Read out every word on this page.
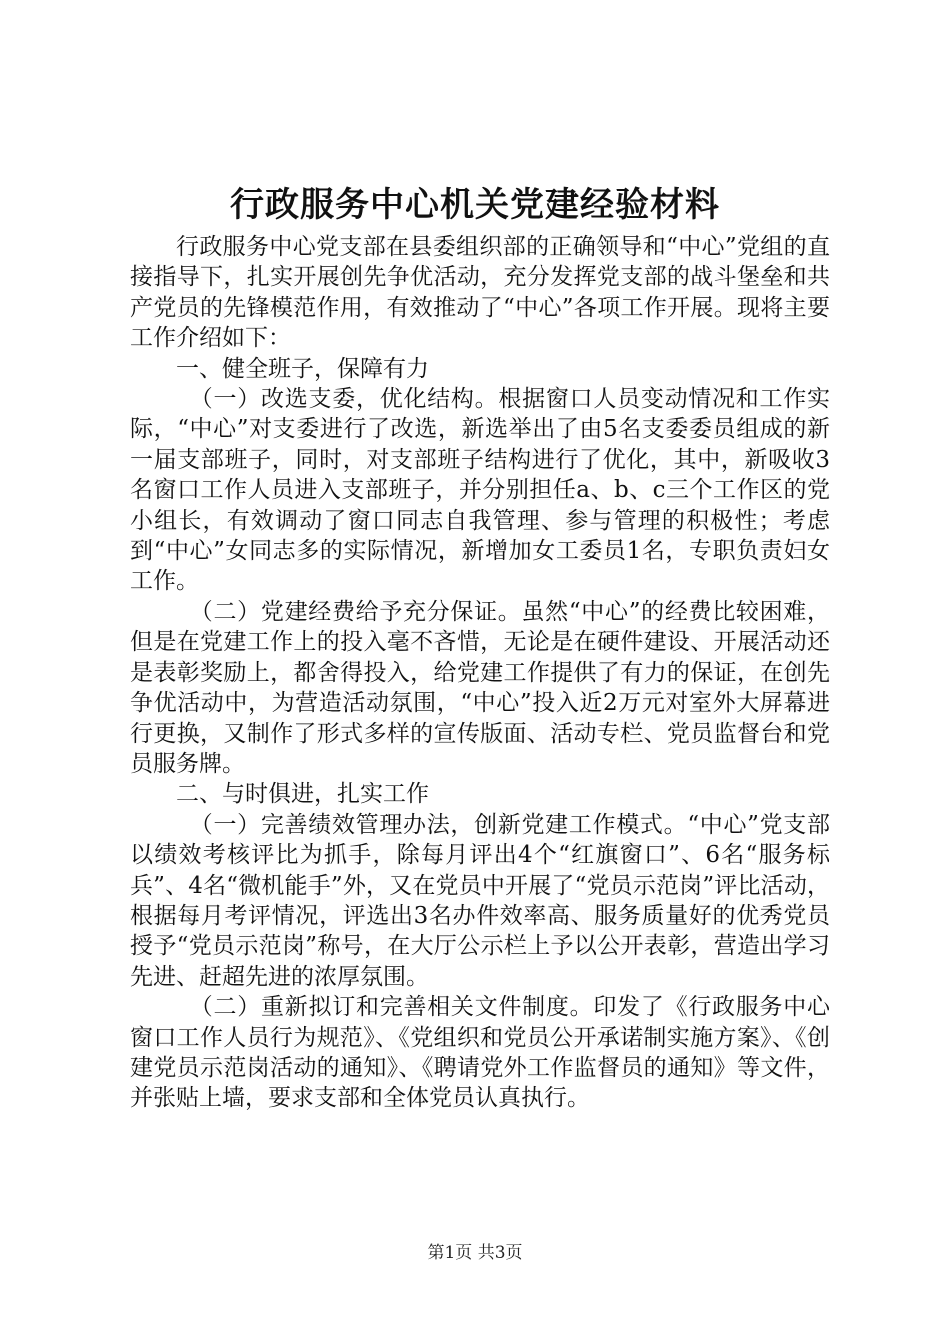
行政服务中心机关党建经验材料

行政服务中心党支部在县委组织部的正确领导和“中心”党组的直接指导下，扎实开展创先争优活动，充分发挥党支部的战斗堡垒和共产党员的先锋模范作用，有效推动了“中心”各项工作开展。现将主要工作介绍如下：

一、健全班子，保障有力

（一）改选支委，优化结构。根据窗口人员变动情况和工作实际，“中心”对支委进行了改选，新选举出了由5名支委委员组成的新一届支部班子，同时，对支部班子结构进行了优化，其中，新吸收3名窗口工作人员进入支部班子，并分别担任a、b、c三个工作区的党小组长，有效调动了窗口同志自我管理、参与管理的积极性；考虑到“中心”女同志多的实际情况，新增加女工委员1名，专职负责妇女工作。

（二）党建经费给予充分保证。虽然“中心”的经费比较困难，但是在党建工作上的投入毫不吝惜，无论是在硬件建设、开展活动还是表彰奖励上，都舍得投入，给党建工作提供了有力的保证，在创先争优活动中，为营造活动氛围，“中心”投入近2万元对室外大屏幕进行更换，又制作了形式多样的宣传版面、活动专栏、党员监督台和党员服务牌。

二、与时俱进，扎实工作

（一）完善绩效管理办法，创新党建工作模式。“中心”党支部以绩效考核评比为抓手，除每月评出4个“红旗窗口”、6名“服务标兵”、4名“微机能手”外，又在党员中开展了“党员示范岗”评比活动，根据每月考评情况，评选出3名办件效率高、服务质量好的优秀党员授予“党员示范岗”称号，在大厅公示栏上予以公开表彰，营造出学习先进、赶超先进的浓厚氛围。

（二）重新拟订和完善相关文件制度。印发了《行政服务中心窗口工作人员行为规范》、《党组织和党员公开承诺制实施方案》、《创建党员示范岗活动的通知》、《聘请党外工作监督员的通知》等文件，并张贴上墙，要求支部和全体党员认真执行。

第1页 共3页
